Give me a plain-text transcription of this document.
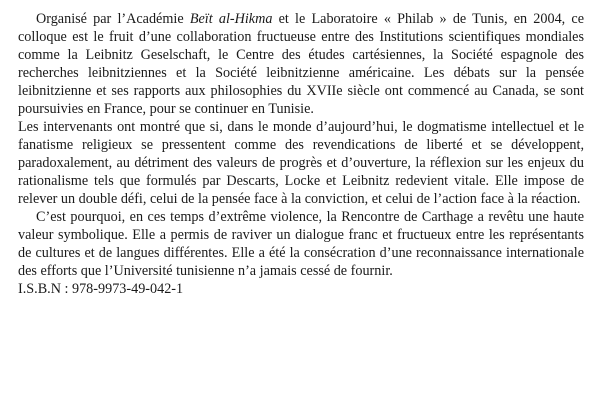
Organisé par l’Académie Beït al-Hikma et le Laboratoire « Philab » de Tunis, en 2004, ce colloque est le fruit d’une collaboration fructueuse entre des Institutions scientifiques mondiales comme la Leibnitz Geselschaft, le Centre des études cartésiennes, la Société espagnole des recherches leibnitziennes et la Société leibnitzienne américaine. Les débats sur la pensée leibnitzienne et ses rapports aux philosophies du XVIIe siècle ont commencé au Canada, se sont poursuivies en France, pour se continuer en Tunisie.

Les intervenants ont montré que si, dans le monde d’aujourd’hui, le dogmatisme intellectuel et le fanatisme religieux se pressentent comme des revendications de liberté et se développent, paradoxalement, au détriment des valeurs de progrès et d’ouverture, la réflexion sur les enjeux du rationalisme tels que formulés par Descarts, Locke et Leibnitz redevient vitale. Elle impose de relever un double défi, celui de la pensée face à la conviction, et celui de l’action face à la réaction.

C’est pourquoi, en ces temps d’extrême violence, la Rencontre de Carthage a revêtu une haute valeur symbolique. Elle a permis de raviver un dialogue franc et fructueux entre les représentants de cultures et de langues différentes. Elle a été la consécration d’une reconnaissance internationale des efforts que l’Université tunisienne n’a jamais cessé de fournir.

I.S.B.N : 978-9973-49-042-1
